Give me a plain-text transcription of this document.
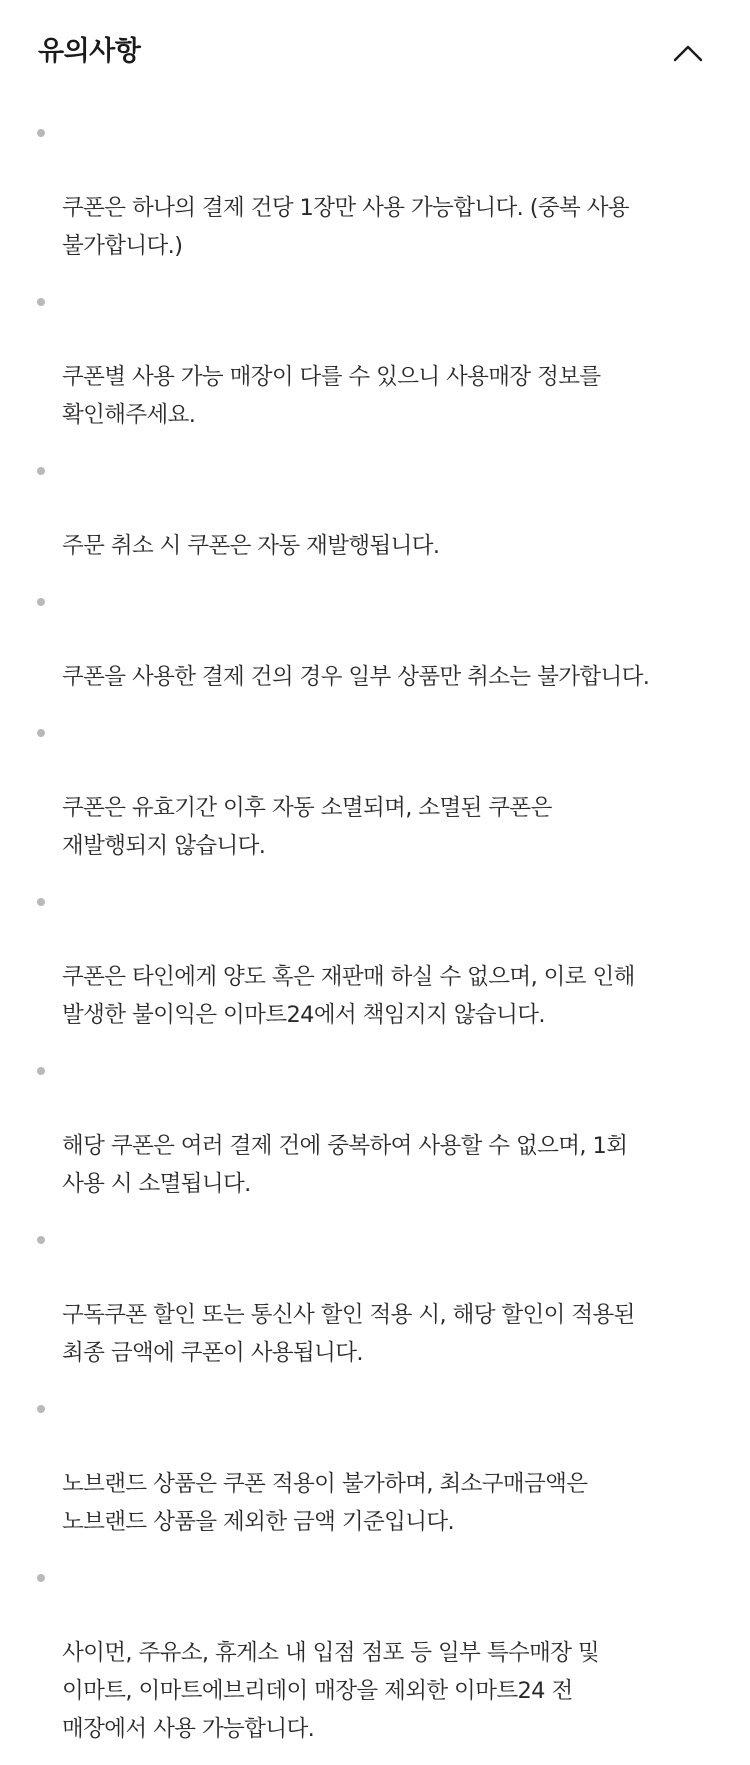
유의사항

쿠폰은 하나의 결제 건당 1장만 사용 가능합니다. (중복 사용
불가합니다.)

쿠폰별 사용 가능 매장이 다를 수 있으니 사용매장 정보를
확인해주세요.

주문 취소 시 쿠폰은 자동 재발행됩니다.

쿠폰을 사용한 결제 건의 경우 일부 상품만 취소는 불가합니다.

쿠폰은 유효기간 이후 자동 소멸되며, 소멸된 쿠폰은
재발행되지 않습니다.

쿠폰은 타인에게 양도 혹은 재판매 하실 수 없으며, 이로 인해
발생한 불이익은 이마트24에서 책임지지 않습니다.

해당 쿠폰은 여러 결제 건에 중복하여 사용할 수 없으며, 1회
사용 시 소멸됩니다.

구독쿠폰 할인 또는 통신사 할인 적용 시, 해당 할인이 적용된
최종 금액에 쿠폰이 사용됩니다.

노브랜드 상품은 쿠폰 적용이 불가하며, 최소구매금액은
노브랜드 상품을 제외한 금액 기준입니다.

사이먼, 주유소, 휴게소 내 입점 점포 등 일부 특수매장 및
이마트, 이마트에브리데이 매장을 제외한 이마트24 전
매장에서 사용 가능합니다.
